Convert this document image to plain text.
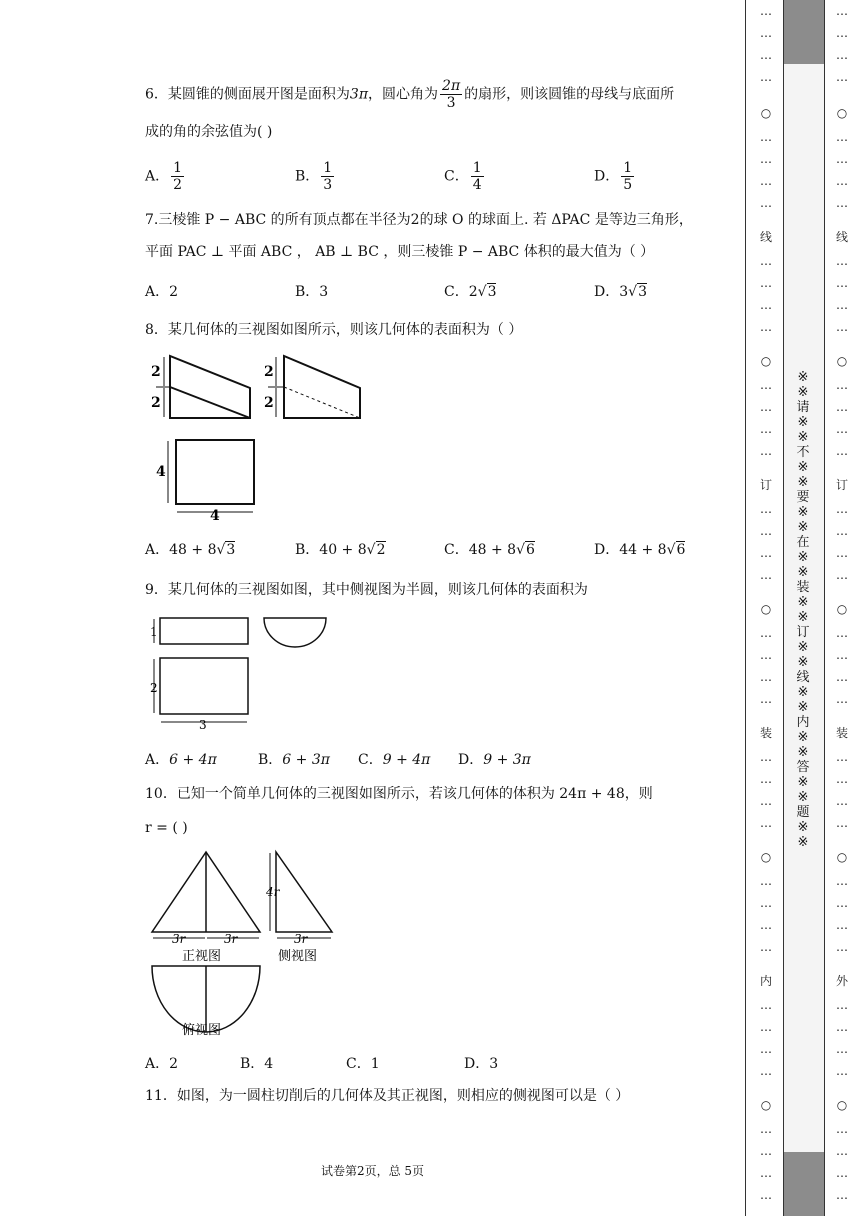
6．某圆锥的侧面展开图是面积为3π，圆心角为 $\frac{2\pi}{3}$ 的扇形，则该圆锥的母线与底面所
成的角的余弦值为( )
A． $\frac{1}{2}$	B． $\frac{1}{3}$	C． $\frac{1}{4}$	D． $\frac{1}{5}$
7.三棱锥 P − ABC 的所有顶点都在半径为2的球 O 的球面上. 若 ΔPAC 是等边三角形，
平面 PAC ⊥ 平面 ABC ， AB ⊥ BC ，则三棱锥 P − ABC 体积的最大值为（ ）
A．2	B．3	C．2√3	D．3√3
8．某几何体的三视图如图所示，则该几何体的表面积为（ ）
2
2
2
2
4
4
A．48 + 8√3	B．40 + 8√2	C．48 + 8√6	D．44 + 8√6
9．某几何体的三视图如图，其中侧视图为半圆，则该几何体的表面积为
1
2
3
A．6 + 4π	B．6 + 3π C．9 + 4π D．9 + 3π
10．已知一个简单几何体的三视图如图所示，若该几何体的体积为 24π + 48，则
r = ( )
3r	3r
4r
3r
正视图	侧视图
俯视图
A．2	B．4	C．1	D．3
11．如图，为一圆柱切削后的几何体及其正视图，则相应的侧视图可以是（ ）
试卷第2页，总 5页
※※请※※不※※要※※在※※装※※订※※线※※内※※答※※题※※
…
…
…
…
○
…
…
…
…
线
…
…
…
…
○
…
…
…
…
订
…
…
…
…
○
…
…
…
…
装
…
…
…
…
○
…
…
…
…
内
…
…
…
…
○
…
…
…
…
…
…
…
…
○
…
…
…
…
线
…
…
…
…
○
…
…
…
…
订
…
…
…
…
○
…
…
…
…
装
…
…
…
…
○
…
…
…
…
外
…
…
…
…
○
…
…
…
…
